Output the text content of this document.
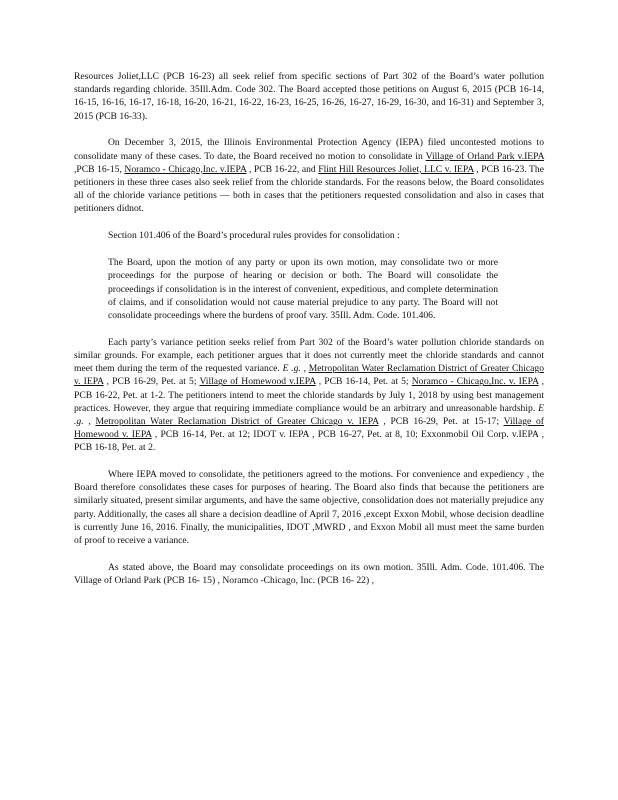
Resources Joliet,LLC (PCB 16-23) all seek relief from specific sections of Part 302 of the Board’s water pollution standards regarding chloride. 35Ill.Adm. Code 302. The Board accepted those petitions on August 6, 2015 (PCB 16-14, 16-15, 16-16, 16-17, 16-18, 16-20, 16-21, 16-22, 16-23, 16-25, 16-26, 16-27, 16-29, 16-30, and 16-31) and September 3, 2015 (PCB 16-33).

On December 3, 2015, the Illinois Environmental Protection Agency (IEPA) filed uncontested motions to consolidate many of these cases. To date, the Board received no motion to consolidate in Village of Orland Park v.IEPA ,PCB 16-15, Noramco - Chicago,Inc. v.IEPA , PCB 16-22, and Flint Hill Resources Joliet, LLC v. IEPA , PCB 16-23. The petitioners in these three cases also seek relief from the chloride standards. For the reasons below, the Board consolidates all of the chloride variance petitions — both in cases that the petitioners requested consolidation and also in cases that petitioners didnot.

Section 101.406 of the Board’s procedural rules provides for consolidation :

The Board, upon the motion of any party or upon its own motion, may consolidate two or more proceedings for the purpose of hearing or decision or both. The Board will consolidate the proceedings if consolidation is in the interest of convenient, expeditious, and complete determination of claims, and if consolidation would not cause material prejudice to any party. The Board will not consolidate proceedings where the burdens of proof vary. 35Ill. Adm. Code. 101.406.

Each party’s variance petition seeks relief from Part 302 of the Board’s water pollution chloride standards on similar grounds. For example, each petitioner argues that it does not currently meet the chloride standards and cannot meet them during the term of the requested variance. E .g. , Metropolitan Water Reclamation District of Greater Chicago v. IEPA , PCB 16-29, Pet. at 5; Village of Homewood v.IEPA , PCB 16-14, Pet. at 5; Noramco - Chicago,Inc. v. IEPA , PCB 16-22, Pet. at 1-2. The petitioners intend to meet the chloride standards by July 1, 2018 by using best management practices. However, they argue that requiring immediate compliance would be an arbitrary and unreasonable hardship. E .g. , Metropolitan Water Reclamation District of Greater Chicago v. IEPA , PCB 16-29, Pet. at 15-17; Village of Homewood v. IEPA , PCB 16-14, Pet. at 12; IDOT v. IEPA , PCB 16-27, Pet. at 8, 10; Exxonmobil Oil Corp. v.IEPA , PCB 16-18, Pet. at 2.

Where IEPA moved to consolidate, the petitioners agreed to the motions. For convenience and expediency , the Board therefore consolidates these cases for purposes of hearing. The Board also finds that because the petitioners are similarly situated, present similar arguments, and have the same objective, consolidation does not materially prejudice any party. Additionally, the cases all share a decision deadline of April 7, 2016 ,except Exxon Mobil, whose decision deadline is currently June 16, 2016. Finally, the municipalities, IDOT ,MWRD , and Exxon Mobil all must meet the same burden of proof to receive a variance.

As stated above, the Board may consolidate proceedings on its own motion. 35Ill. Adm. Code. 101.406. The Village of Orland Park (PCB 16- 15) , Noramco -Chicago, Inc. (PCB 16- 22) ,
